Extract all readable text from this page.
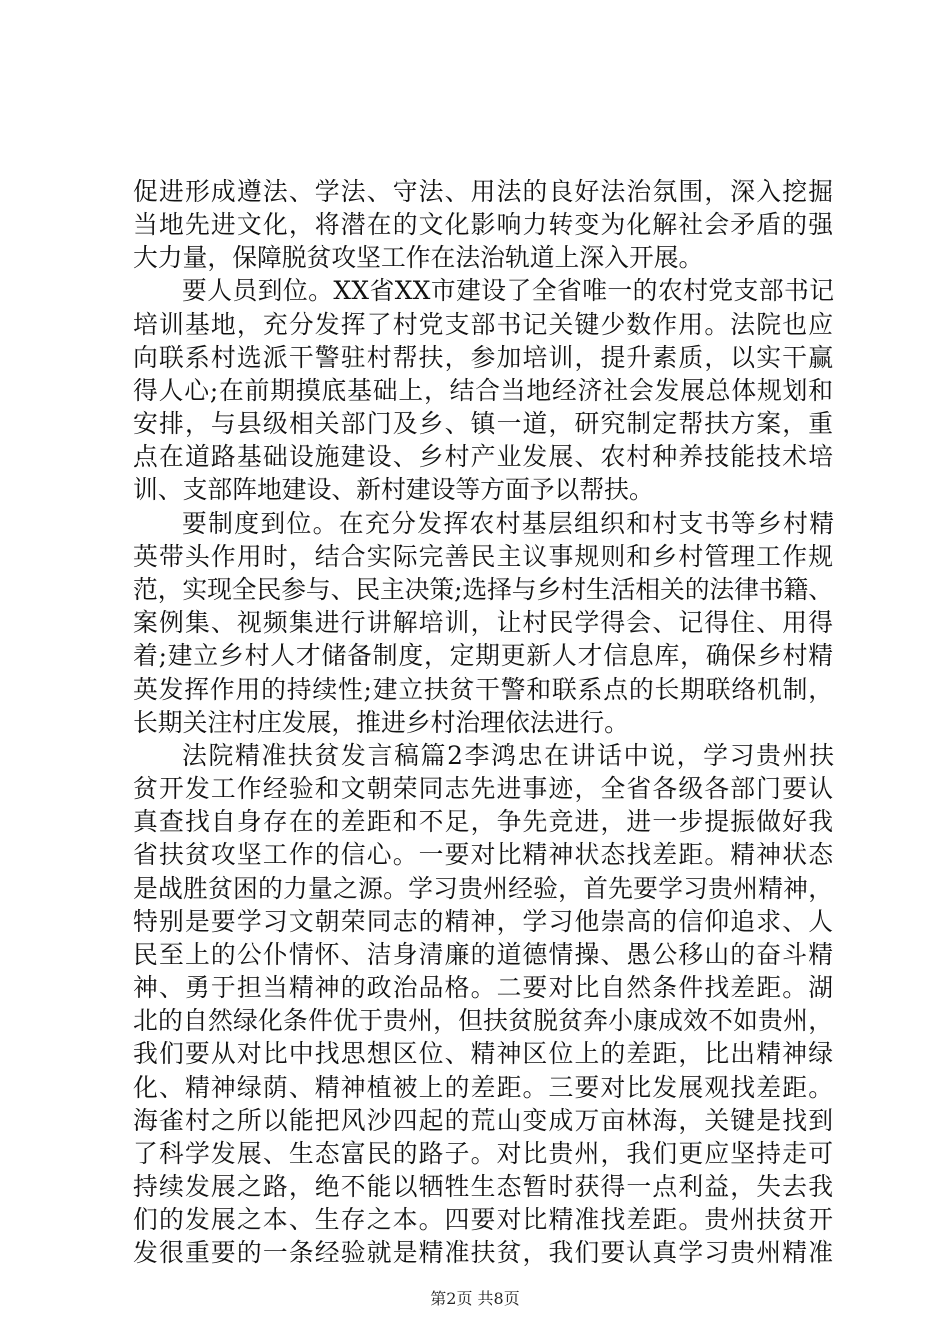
促进形成遵法、学法、守法、用法的良好法治氛围，深入挖掘
当地先进文化，将潜在的文化影响力转变为化解社会矛盾的强
大力量，保障脱贫攻坚工作在法治轨道上深入开展。
要人员到位。XX省XX市建设了全省唯一的农村党支部书记
培训基地，充分发挥了村党支部书记关键少数作用。法院也应
向联系村选派干警驻村帮扶，参加培训，提升素质，以实干赢
得人心;在前期摸底基础上，结合当地经济社会发展总体规划和
安排，与县级相关部门及乡、镇一道，研究制定帮扶方案，重
点在道路基础设施建设、乡村产业发展、农村种养技能技术培
训、支部阵地建设、新村建设等方面予以帮扶。
要制度到位。在充分发挥农村基层组织和村支书等乡村精
英带头作用时，结合实际完善民主议事规则和乡村管理工作规
范，实现全民参与、民主决策;选择与乡村生活相关的法律书籍、
案例集、视频集进行讲解培训，让村民学得会、记得住、用得
着;建立乡村人才储备制度，定期更新人才信息库，确保乡村精
英发挥作用的持续性;建立扶贫干警和联系点的长期联络机制，
长期关注村庄发展，推进乡村治理依法进行。
法院精准扶贫发言稿篇2李鸿忠在讲话中说，学习贵州扶
贫开发工作经验和文朝荣同志先进事迹，全省各级各部门要认
真查找自身存在的差距和不足，争先竞进，进一步提振做好我
省扶贫攻坚工作的信心。一要对比精神状态找差距。精神状态
是战胜贫困的力量之源。学习贵州经验，首先要学习贵州精神，
特别是要学习文朝荣同志的精神，学习他崇高的信仰追求、人
民至上的公仆情怀、洁身清廉的道德情操、愚公移山的奋斗精
神、勇于担当精神的政治品格。二要对比自然条件找差距。湖
北的自然绿化条件优于贵州，但扶贫脱贫奔小康成效不如贵州，
我们要从对比中找思想区位、精神区位上的差距，比出精神绿
化、精神绿荫、精神植被上的差距。三要对比发展观找差距。
海雀村之所以能把风沙四起的荒山变成万亩林海，关键是找到
了科学发展、生态富民的路子。对比贵州，我们更应坚持走可
持续发展之路，绝不能以牺牲生态暂时获得一点利益，失去我
们的发展之本、生存之本。四要对比精准找差距。贵州扶贫开
发很重要的一条经验就是精准扶贫，我们要认真学习贵州精准
第2页 共8页
